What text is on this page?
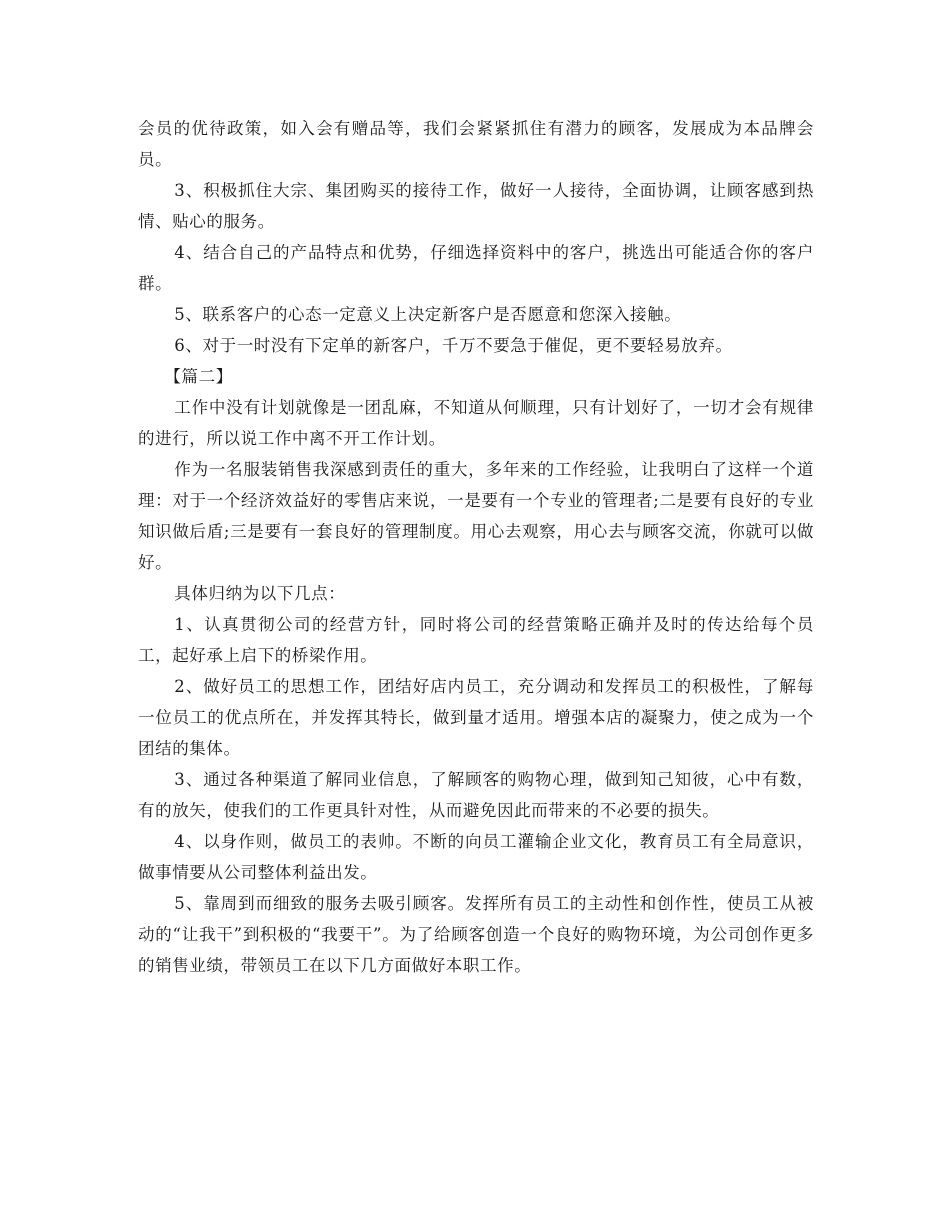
会员的优待政策，如入会有赠品等，我们会紧紧抓住有潜力的顾客，发展成为本品牌会员。

3、积极抓住大宗、集团购买的接待工作，做好一人接待，全面协调，让顾客感到热情、贴心的服务。

4、结合自己的产品特点和优势，仔细选择资料中的客户，挑选出可能适合你的客户群。

5、联系客户的心态一定意义上决定新客户是否愿意和您深入接触。

6、对于一时没有下定单的新客户，千万不要急于催促，更不要轻易放弃。

【篇二】

工作中没有计划就像是一团乱麻，不知道从何顺理，只有计划好了，一切才会有规律的进行，所以说工作中离不开工作计划。

作为一名服装销售我深感到责任的重大，多年来的工作经验，让我明白了这样一个道理：对于一个经济效益好的零售店来说，一是要有一个专业的管理者;二是要有良好的专业知识做后盾;三是要有一套良好的管理制度。用心去观察，用心去与顾客交流，你就可以做好。

具体归纳为以下几点：

1、认真贯彻公司的经营方针，同时将公司的经营策略正确并及时的传达给每个员工，起好承上启下的桥梁作用。

2、做好员工的思想工作，团结好店内员工，充分调动和发挥员工的积极性，了解每一位员工的优点所在，并发挥其特长，做到量才适用。增强本店的凝聚力，使之成为一个团结的集体。

3、通过各种渠道了解同业信息，了解顾客的购物心理，做到知己知彼，心中有数，有的放矢，使我们的工作更具针对性，从而避免因此而带来的不必要的损失。

4、以身作则，做员工的表帅。不断的向员工灌输企业文化，教育员工有全局意识，做事情要从公司整体利益出发。

5、靠周到而细致的服务去吸引顾客。发挥所有员工的主动性和创作性，使员工从被动的“让我干”到积极的“我要干”。为了给顾客创造一个良好的购物环境，为公司创作更多的销售业绩，带领员工在以下几方面做好本职工作。
